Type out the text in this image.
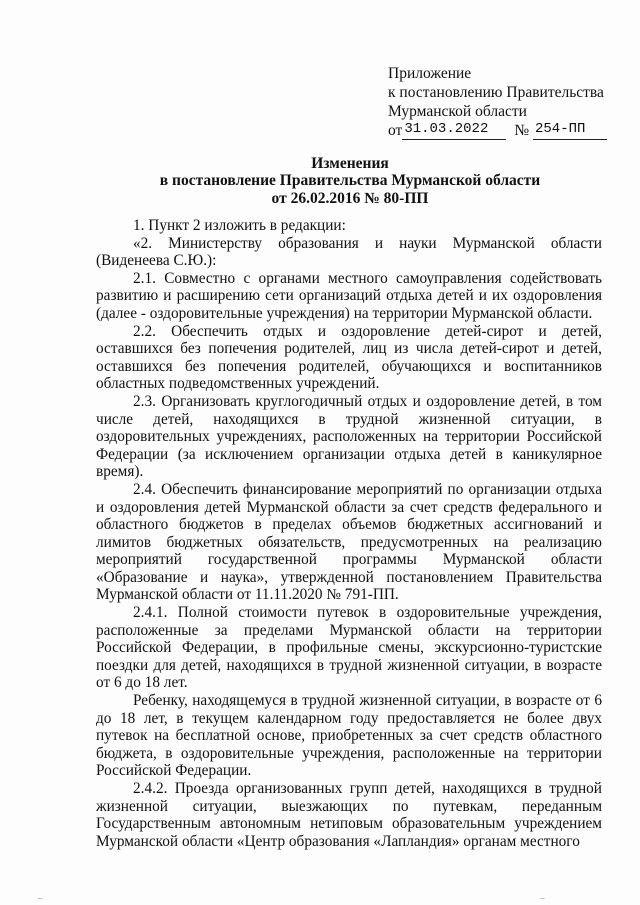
Приложение
к постановлению Правительства
Мурманской области
от 31.03.2022 № 254-ПП
Изменения
в постановление Правительства Мурманской области
от 26.02.2016 № 80-ПП

1. Пункт 2 изложить в редакции:

«2. Министерству образования и науки Мурманской области (Виденеева С.Ю.):

2.1. Совместно с органами местного самоуправления содействовать развитию и расширению сети организаций отдыха детей и их оздоровления (далее - оздоровительные учреждения) на территории Мурманской области.

2.2. Обеспечить отдых и оздоровление детей-сирот и детей, оставшихся без попечения родителей, лиц из числа детей-сирот и детей, оставшихся без попечения родителей, обучающихся и воспитанников областных подведомственных учреждений.

2.3. Организовать круглогодичный отдых и оздоровление детей, в том числе детей, находящихся в трудной жизненной ситуации, в оздоровительных учреждениях, расположенных на территории Российской Федерации (за исключением организации отдыха детей в каникулярное время).

2.4. Обеспечить финансирование мероприятий по организации отдыха и оздоровления детей Мурманской области за счет средств федерального и областного бюджетов в пределах объемов бюджетных ассигнований и лимитов бюджетных обязательств, предусмотренных на реализацию мероприятий государственной программы Мурманской области «Образование и наука», утвержденной постановлением Правительства Мурманской области от 11.11.2020 № 791-ПП.

2.4.1. Полной стоимости путевок в оздоровительные учреждения, расположенные за пределами Мурманской области на территории Российской Федерации, в профильные смены, экскурсионно-туристские поездки для детей, находящихся в трудной жизненной ситуации, в возрасте от 6 до 18 лет.

Ребенку, находящемуся в трудной жизненной ситуации, в возрасте от 6 до 18 лет, в текущем календарном году предоставляется не более двух путевок на бесплатной основе, приобретенных за счет средств областного бюджета, в оздоровительные учреждения, расположенные на территории Российской Федерации.

2.4.2. Проезда организованных групп детей, находящихся в трудной жизненной ситуации, выезжающих по путевкам, переданным Государственным автономным нетиповым образовательным учреждением Мурманской области «Центр образования «Лапландия» органам местного

–	–
